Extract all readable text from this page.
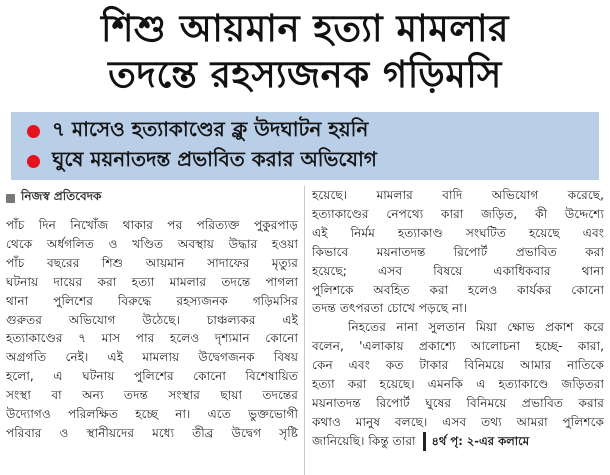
শিশু আয়মান হত্যা মামলার
তদন্তে রহস্যজনক গড়িমসি
৭ মাসেও হত্যাকাণ্ডের ক্লু উদঘাটন হয়নি
ঘুষে ময়নাতদন্ত প্রভাবিত করার অভিযোগ
নিজস্ব প্রতিবেদক
পাঁচ দিন নিখোঁজ থাকার পর পরিত্যক্ত পুকুরপাড়
থেকে অর্ধগলিত ও খণ্ডিত অবস্থায় উদ্ধার হওয়া
পাঁচ বছরের শিশু আয়মান সাদাফের মৃত্যুর
ঘটনায় দায়ের করা হত্যা মামলার তদন্তে পাগলা
থানা পুলিশের বিরুদ্ধে রহস্যজনক গড়িমসির
গুরুতর অভিযোগ উঠেছে। চাঞ্চল্যকর এই
হত্যাকাণ্ডের ৭ মাস পার হলেও দৃশ্যমান কোনো
অগ্রগতি নেই। এই মামলায় উদ্বেগজনক বিষয়
হলো, এ ঘটনায় পুলিশের কোনো বিশেষায়িত
সংস্থা বা অন্য তদন্ত সংস্থার ছায়া তদন্তের
উদ্যোগও পরিলক্ষিত হচ্ছে না। এতে ভুক্তভোগী
পরিবার ও স্থানীয়দের মধ্যে তীব্র উদ্বেগ সৃষ্টি
হয়েছে। মামলার বাদি অভিযোগ করেছে,
হত্যাকাণ্ডের নেপথ্যে কারা জড়িত, কী উদ্দেশ্যে
এই নির্মম হত্যাকাণ্ড সংঘটিত হয়েছে এবং
কিভাবে ময়নাতদন্ত রিপোর্ট প্রভাবিত করা
হয়েছে; এসব বিষয়ে একাধিকবার থানা
পুলিশকে অবহিত করা হলেও কার্যকর কোনো
তদন্ত তৎপরতা চোখে পড়ছে না।
নিহতের নানা সুলতান মিয়া ক্ষোভ প্রকাশ করে
বলেন, 'এলাকায় প্রকাশ্যে আলোচনা হচ্ছে- কারা,
কেন এবং কত টাকার বিনিময়ে আমার নাতিকে
হত্যা করা হয়েছে। এমনকি এ হত্যাকাণ্ডে জড়িতরা
ময়নাতদন্ত রিপোর্ট ঘুষের বিনিময়ে প্রভাবিত করার
কথাও মানুষ বলছে। এসব তথ্য আমরা পুলিশকে
জানিয়েছি। কিন্তু তারা ৪র্থ পৃ: ২-এর কলামে
